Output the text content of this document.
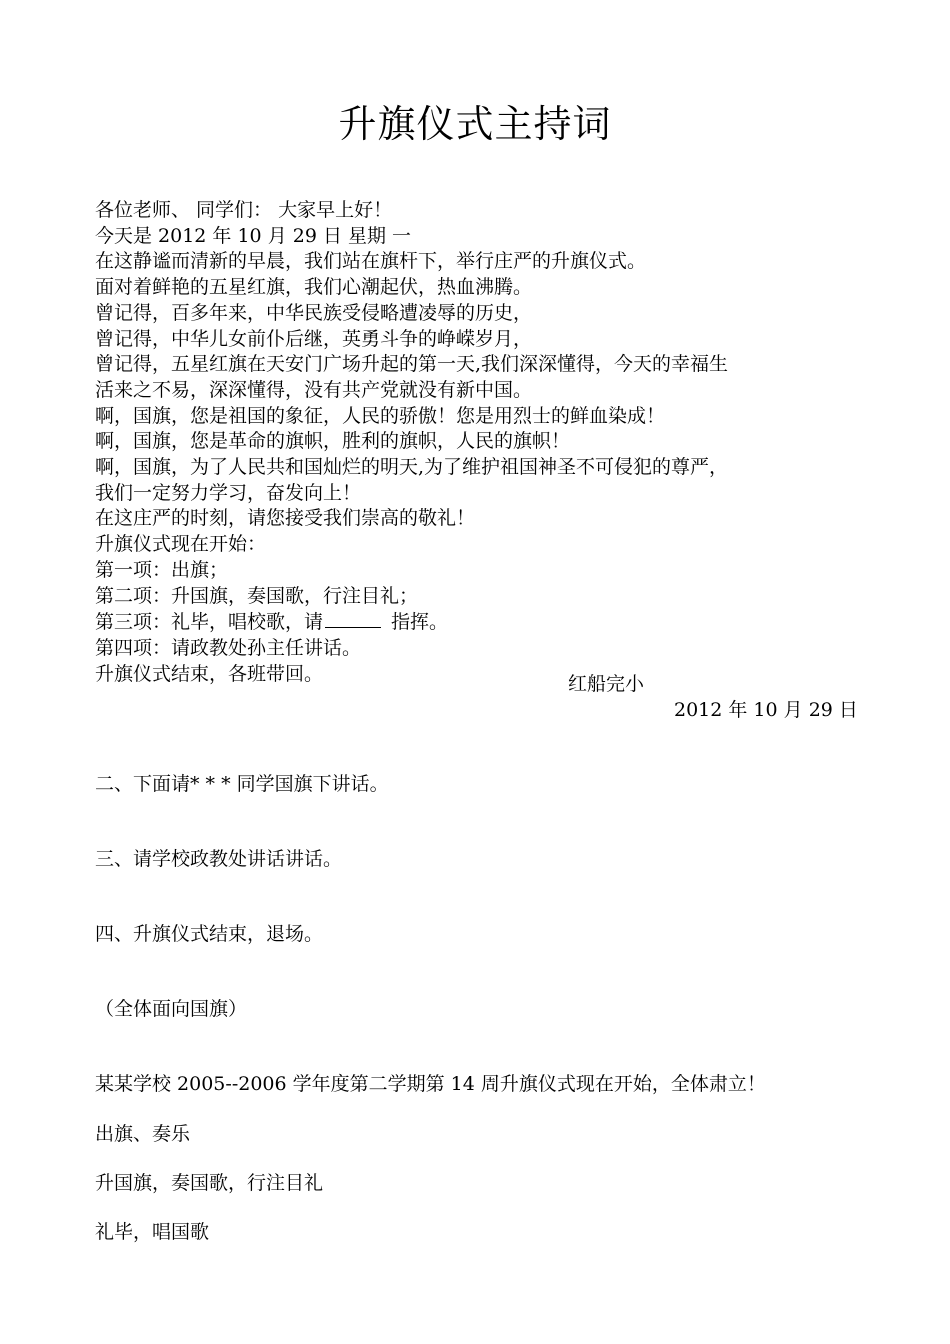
升旗仪式主持词
各位老师、 同学们： 大家早上好！
今天是 2012 年 10 月 29 日 星期 一
在这静谧而清新的早晨，我们站在旗杆下，举行庄严的升旗仪式。
面对着鲜艳的五星红旗，我们心潮起伏，热血沸腾。
曾记得，百多年来，中华民族受侵略遭凌辱的历史，
曾记得，中华儿女前仆后继，英勇斗争的峥嵘岁月，
曾记得，五星红旗在天安门广场升起的第一天,我们深深懂得，今天的幸福生
活来之不易，深深懂得，没有共产党就没有新中国。
啊，国旗，您是祖国的象征，人民的骄傲！您是用烈士的鲜血染成！
啊，国旗，您是革命的旗帜，胜利的旗帜，人民的旗帜！
啊，国旗，为了人民共和国灿烂的明天,为了维护祖国神圣不可侵犯的尊严，
我们一定努力学习，奋发向上！
在这庄严的时刻，请您接受我们崇高的敬礼！
升旗仪式现在开始：
第一项：出旗；
第二项：升国旗，奏国歌，行注目礼；
第三项：礼毕，唱校歌，请	指挥。
第四项：请政教处孙主任讲话。
升旗仪式结束，各班带回。	红船完小
2012 年 10 月 29 日
二、下面请* * * 同学国旗下讲话。
三、请学校政教处讲话讲话。
四、升旗仪式结束，退场。
（全体面向国旗）
某某学校 2005--2006 学年度第二学期第 14 周升旗仪式现在开始，全体肃立！
出旗、奏乐
升国旗，奏国歌，行注目礼
礼毕，唱国歌
